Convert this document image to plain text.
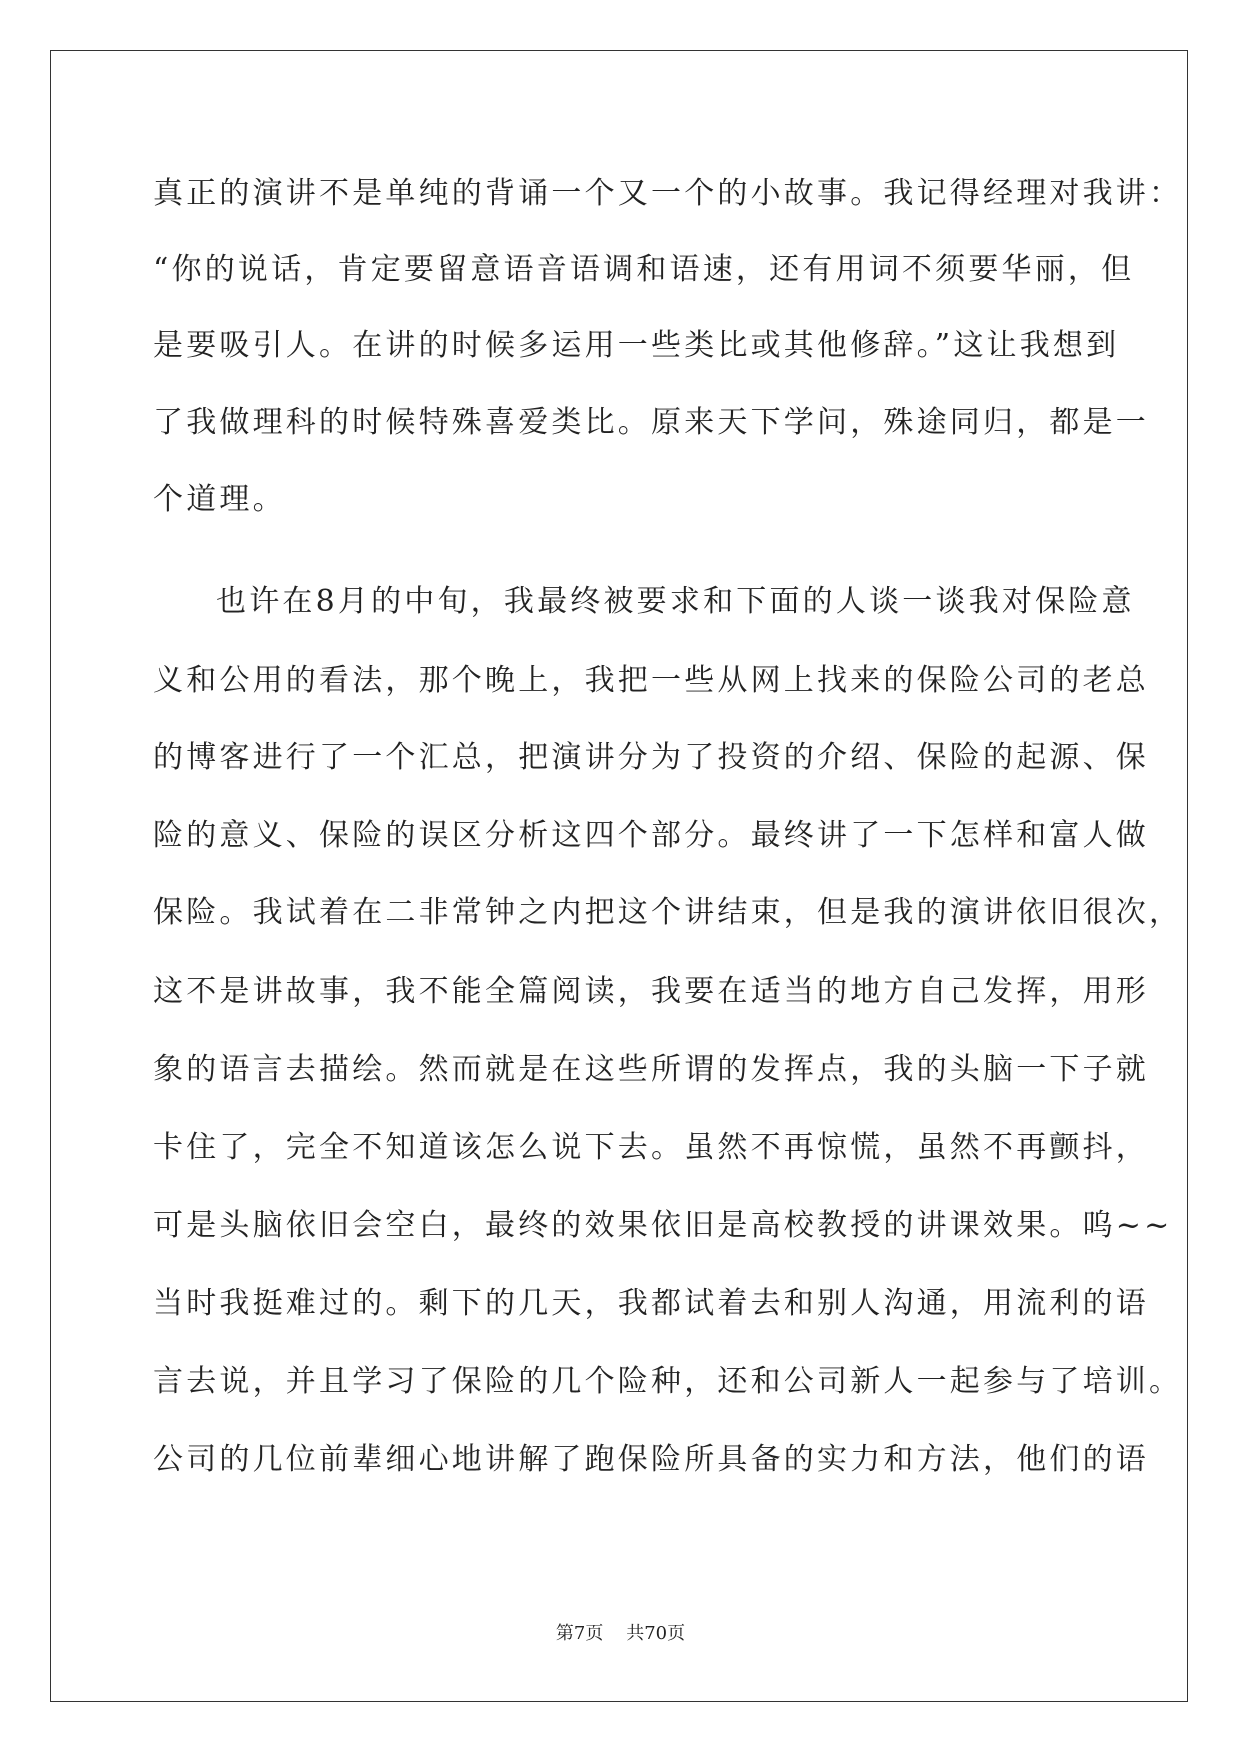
真正的演讲不是单纯的背诵一个又一个的小故事。我记得经理对我讲：
“你的说话，肯定要留意语音语调和语速，还有用词不须要华丽，但
是要吸引人。在讲的时候多运用一些类比或其他修辞。”这让我想到
了我做理科的时候特殊喜爱类比。原来天下学问，殊途同归，都是一
个道理。
也许在8月的中旬，我最终被要求和下面的人谈一谈我对保险意
义和公用的看法，那个晚上，我把一些从网上找来的保险公司的老总
的博客进行了一个汇总，把演讲分为了投资的介绍、保险的起源、保
险的意义、保险的误区分析这四个部分。最终讲了一下怎样和富人做
保险。我试着在二非常钟之内把这个讲结束，但是我的演讲依旧很次，
这不是讲故事，我不能全篇阅读，我要在适当的地方自己发挥，用形
象的语言去描绘。然而就是在这些所谓的发挥点，我的头脑一下子就
卡住了，完全不知道该怎么说下去。虽然不再惊慌，虽然不再颤抖，
可是头脑依旧会空白，最终的效果依旧是高校教授的讲课效果。呜~~
当时我挺难过的。剩下的几天，我都试着去和别人沟通，用流利的语
言去说，并且学习了保险的几个险种，还和公司新人一起参与了培训。
公司的几位前辈细心地讲解了跑保险所具备的实力和方法，他们的语
第7页 共70页
